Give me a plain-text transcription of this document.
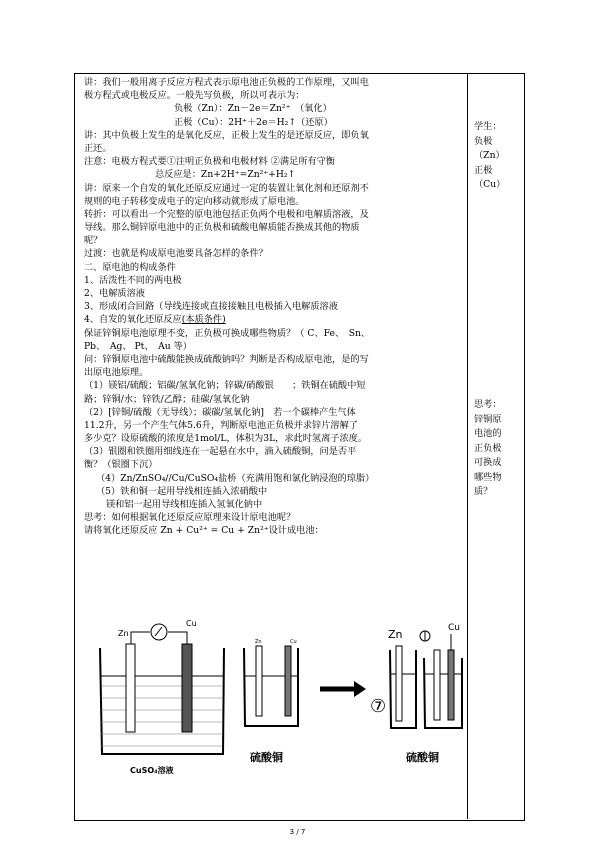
讲：我们一般用离子反应方程式表示原电池正负极的工作原理，又叫电
极方程式或电极反应。一般先写负极，所以可表示为：
负极（Zn）：Zn－2e＝Zn²⁺　（氧化）
正极（Cu）：2H⁺＋2e＝H₂↑（还原）
讲：其中负极上发生的是氧化反应，正极上发生的是还原反应，即负氧
正还。
注意：电极方程式要①注明正负极和电极材料 ②满足所有守衡
总反应是：Zn+2H⁺=Zn²⁺+H₂↑
讲：原来一个自发的氧化还原反应通过一定的装置让氧化剂和还原剂不
规则的电子转移变成电子的定向移动就形成了原电池。
转折：可以看出一个完整的原电池包括正负两个电极和电解质溶液，及
导线。那么铜锌原电池中的正负极和硫酸电解质能否换成其他的物质
呢？
过渡：也就是构成原电池要具备怎样的条件？
二、原电池的构成条件
1、活泼性不同的两电极
2、电解质溶液
3、形成闭合回路（导线连接或直接接触且电极插入电解质溶液
4、自发的氧化还原反应(本质条件)
保证锌铜原电池原理不变，正负极可换成哪些物质？（ C、Fe、　Sn、
Pb、　Ag、 Pt、　Au 等）
问：锌铜原电池中硫酸能换成硫酸钠吗？判断是否构成原电池，是的写
出原电池原理。
（1）镁铝/硫酸；铝碳/氢氧化钠；锌碳/硝酸银　　；铁铜在硫酸中短
路；锌铜/水；锌铁/乙醇；硅碳/氢氧化钠
（2）[锌铜/硫酸（无导线）；碳碳/氢氧化钠]　若一个碳棒产生气体
11.2升，另一个产生气体5.6升，判断原电池正负极并求锌片溶解了
多少克？设原硫酸的浓度是1mol/L，体积为3L，求此时氢离子浓度。
（3）银圈和铁圈用细线连在一起悬在水中，滴入硫酸铜，问是否平
衡？（银圈下沉）
（4）Zn/ZnSO₄//Cu/CuSO₄盐桥（充满用饱和氯化钠浸泡的琼脂）
（5）铁和铜一起用导线相连插入浓硝酸中
镁和铝一起用导线相连插入氢氧化钠中
思考：如何根据氧化还原反应原理来设计原电池呢？
请将氧化还原反应 Zn + Cu²⁺ = Cu + Zn²⁺设计成电池：
学生：
负极
（Zn）
正极
（Cu）
思考：
锌铜原
电池的
正负极
可换成
哪些物
质？
Zn
Cu
CuSO₄溶液
Zn	Cu
硫酸铜
Zn	Cu
⑦
硫酸铜
3 / 7
